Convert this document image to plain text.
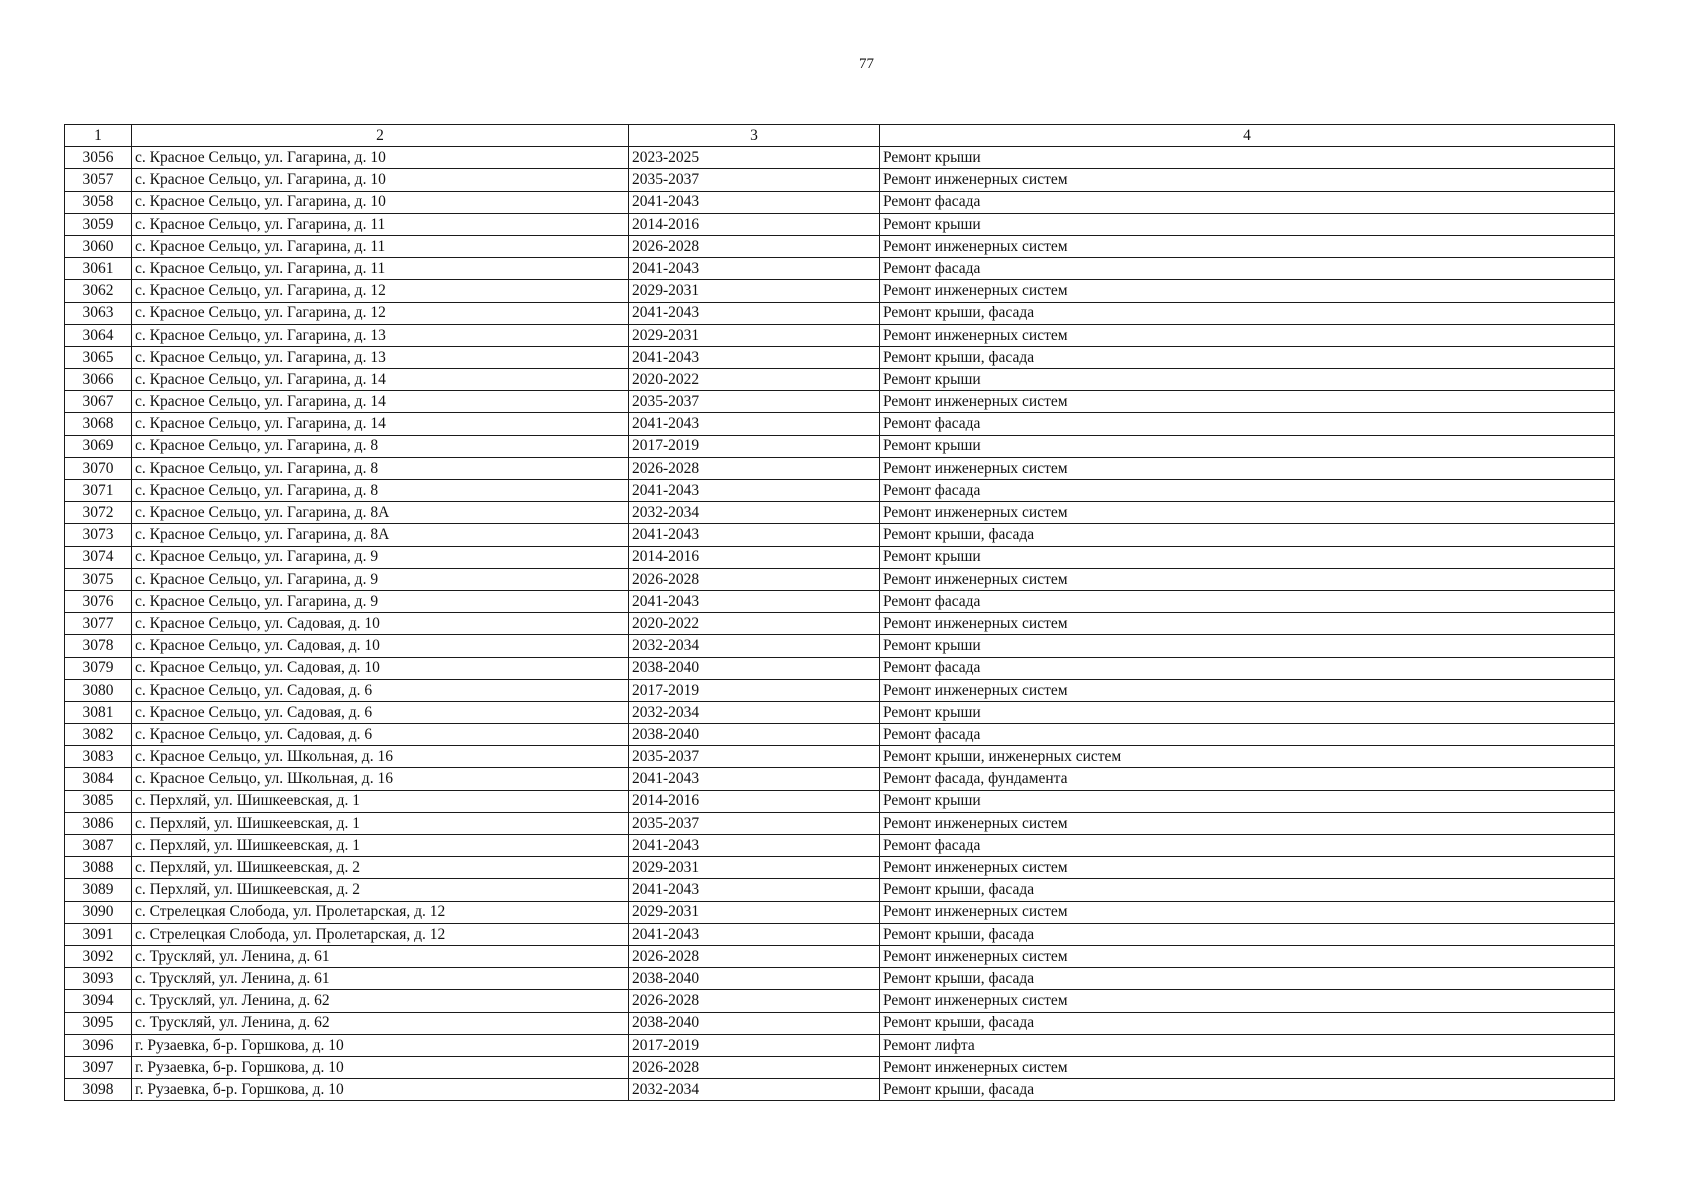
77
1	2	3	4
3056	с. Красное Сельцо, ул. Гагарина, д. 10	2023-2025	Ремонт крыши
3057	с. Красное Сельцо, ул. Гагарина, д. 10	2035-2037	Ремонт инженерных систем
3058	с. Красное Сельцо, ул. Гагарина, д. 10	2041-2043	Ремонт фасада
3059	с. Красное Сельцо, ул. Гагарина, д. 11	2014-2016	Ремонт крыши
3060	с. Красное Сельцо, ул. Гагарина, д. 11	2026-2028	Ремонт инженерных систем
3061	с. Красное Сельцо, ул. Гагарина, д. 11	2041-2043	Ремонт фасада
3062	с. Красное Сельцо, ул. Гагарина, д. 12	2029-2031	Ремонт инженерных систем
3063	с. Красное Сельцо, ул. Гагарина, д. 12	2041-2043	Ремонт крыши, фасада
3064	с. Красное Сельцо, ул. Гагарина, д. 13	2029-2031	Ремонт инженерных систем
3065	с. Красное Сельцо, ул. Гагарина, д. 13	2041-2043	Ремонт крыши, фасада
3066	с. Красное Сельцо, ул. Гагарина, д. 14	2020-2022	Ремонт крыши
3067	с. Красное Сельцо, ул. Гагарина, д. 14	2035-2037	Ремонт инженерных систем
3068	с. Красное Сельцо, ул. Гагарина, д. 14	2041-2043	Ремонт фасада
3069	с. Красное Сельцо, ул. Гагарина, д. 8	2017-2019	Ремонт крыши
3070	с. Красное Сельцо, ул. Гагарина, д. 8	2026-2028	Ремонт инженерных систем
3071	с. Красное Сельцо, ул. Гагарина, д. 8	2041-2043	Ремонт фасада
3072	с. Красное Сельцо, ул. Гагарина, д. 8А	2032-2034	Ремонт инженерных систем
3073	с. Красное Сельцо, ул. Гагарина, д. 8А	2041-2043	Ремонт крыши, фасада
3074	с. Красное Сельцо, ул. Гагарина, д. 9	2014-2016	Ремонт крыши
3075	с. Красное Сельцо, ул. Гагарина, д. 9	2026-2028	Ремонт инженерных систем
3076	с. Красное Сельцо, ул. Гагарина, д. 9	2041-2043	Ремонт фасада
3077	с. Красное Сельцо, ул. Садовая, д. 10	2020-2022	Ремонт инженерных систем
3078	с. Красное Сельцо, ул. Садовая, д. 10	2032-2034	Ремонт крыши
3079	с. Красное Сельцо, ул. Садовая, д. 10	2038-2040	Ремонт фасада
3080	с. Красное Сельцо, ул. Садовая, д. 6	2017-2019	Ремонт инженерных систем
3081	с. Красное Сельцо, ул. Садовая, д. 6	2032-2034	Ремонт крыши
3082	с. Красное Сельцо, ул. Садовая, д. 6	2038-2040	Ремонт фасада
3083	с. Красное Сельцо, ул. Школьная, д. 16	2035-2037	Ремонт крыши, инженерных систем
3084	с. Красное Сельцо, ул. Школьная, д. 16	2041-2043	Ремонт фасада, фундамента
3085	с. Перхляй, ул. Шишкеевская, д. 1	2014-2016	Ремонт крыши
3086	с. Перхляй, ул. Шишкеевская, д. 1	2035-2037	Ремонт инженерных систем
3087	с. Перхляй, ул. Шишкеевская, д. 1	2041-2043	Ремонт фасада
3088	с. Перхляй, ул. Шишкеевская, д. 2	2029-2031	Ремонт инженерных систем
3089	с. Перхляй, ул. Шишкеевская, д. 2	2041-2043	Ремонт крыши, фасада
3090	с. Стрелецкая Слобода, ул. Пролетарская, д. 12	2029-2031	Ремонт инженерных систем
3091	с. Стрелецкая Слобода, ул. Пролетарская, д. 12	2041-2043	Ремонт крыши, фасада
3092	с. Трускляй, ул. Ленина, д. 61	2026-2028	Ремонт инженерных систем
3093	с. Трускляй, ул. Ленина, д. 61	2038-2040	Ремонт крыши, фасада
3094	с. Трускляй, ул. Ленина, д. 62	2026-2028	Ремонт инженерных систем
3095	с. Трускляй, ул. Ленина, д. 62	2038-2040	Ремонт крыши, фасада
3096	г. Рузаевка, б-р. Горшкова, д. 10	2017-2019	Ремонт лифта
3097	г. Рузаевка, б-р. Горшкова, д. 10	2026-2028	Ремонт инженерных систем
3098	г. Рузаевка, б-р. Горшкова, д. 10	2032-2034	Ремонт крыши, фасада
